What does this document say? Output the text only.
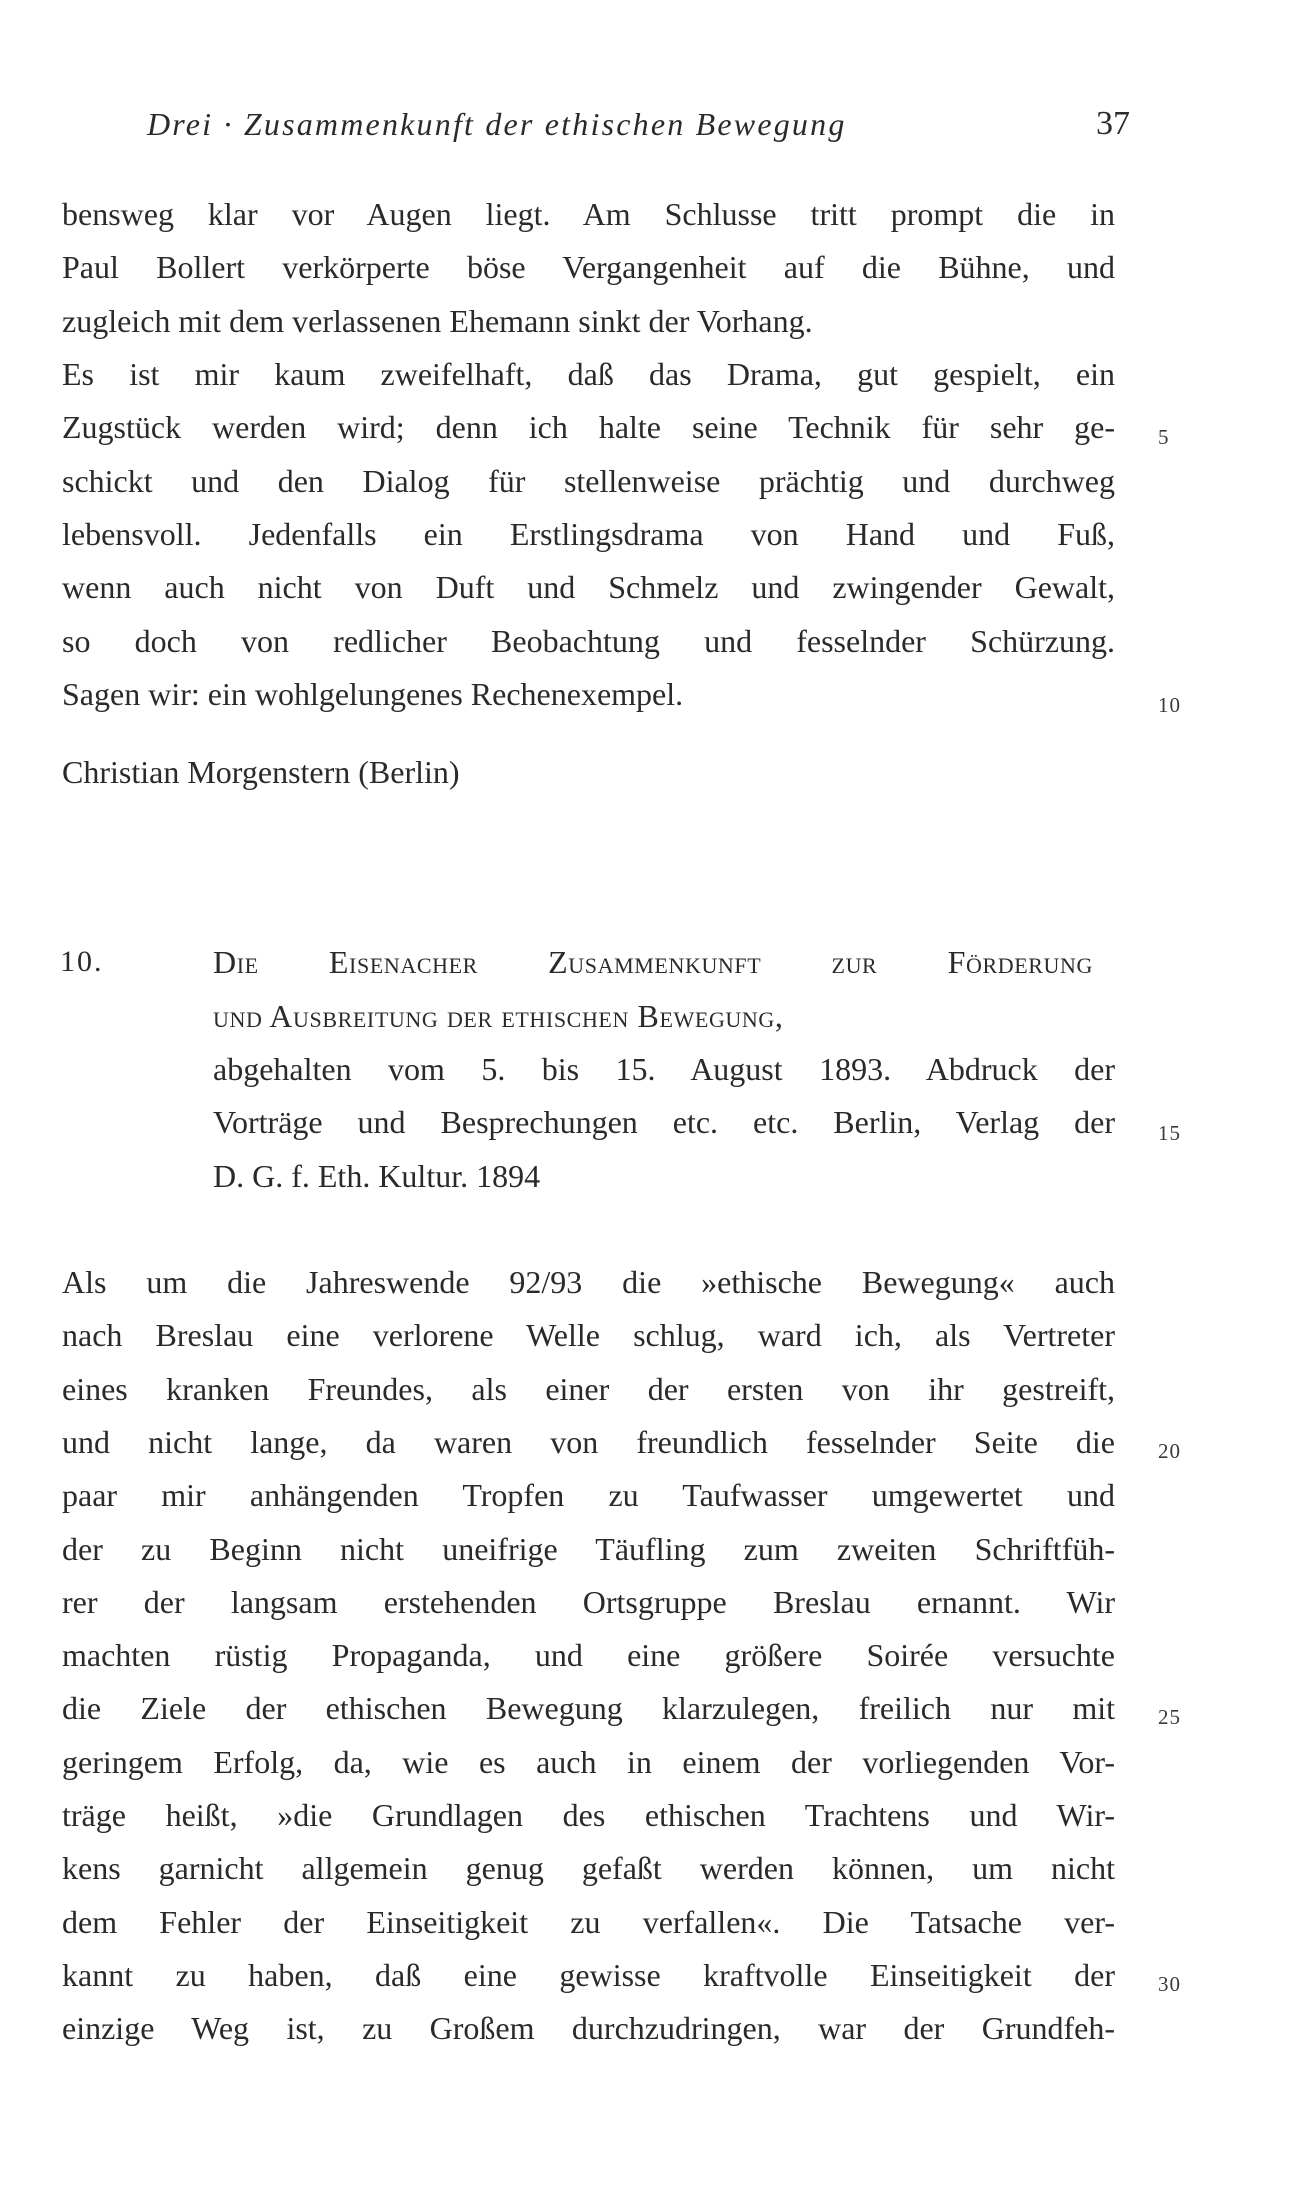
Drei · Zusammenkunft der ethischen Bewegung	37
bensweg klar vor Augen liegt. Am Schlusse tritt prompt die in
Paul Bollert verkörperte böse Vergangenheit auf die Bühne, und
zugleich mit dem verlassenen Ehemann sinkt der Vorhang.
Es ist mir kaum zweifelhaft, daß das Drama, gut gespielt, ein
Zugstück werden wird; denn ich halte seine Technik für sehr ge-
schickt und den Dialog für stellenweise prächtig und durchweg
lebensvoll. Jedenfalls ein Erstlingsdrama von Hand und Fuß,
wenn auch nicht von Duft und Schmelz und zwingender Gewalt,
so doch von redlicher Beobachtung und fesselnder Schürzung.
Sagen wir: ein wohlgelungenes Rechenexempel.
Christian Morgenstern (Berlin)
10.	Die Eisenacher Zusammenkunft zur Förderung
und Ausbreitung der ethischen Bewegung,
abgehalten vom 5. bis 15. August 1893. Abdruck der
Vorträge und Besprechungen etc. etc. Berlin, Verlag der
D. G. f. Eth. Kultur. 1894
Als um die Jahreswende 92/93 die »ethische Bewegung« auch
nach Breslau eine verlorene Welle schlug, ward ich, als Vertreter
eines kranken Freundes, als einer der ersten von ihr gestreift,
und nicht lange, da waren von freundlich fesselnder Seite die
paar mir anhängenden Tropfen zu Taufwasser umgewertet und
der zu Beginn nicht uneifrige Täufling zum zweiten Schriftfüh-
rer der langsam erstehenden Ortsgruppe Breslau ernannt. Wir
machten rüstig Propaganda, und eine größere Soirée versuchte
die Ziele der ethischen Bewegung klarzulegen, freilich nur mit
geringem Erfolg, da, wie es auch in einem der vorliegenden Vor-
träge heißt, »die Grundlagen des ethischen Trachtens und Wir-
kens garnicht allgemein genug gefaßt werden können, um nicht
dem Fehler der Einseitigkeit zu verfallen«. Die Tatsache ver-
kannt zu haben, daß eine gewisse kraftvolle Einseitigkeit der
einzige Weg ist, zu Großem durchzudringen, war der Grundfeh-
5
10
15
20
25
30
